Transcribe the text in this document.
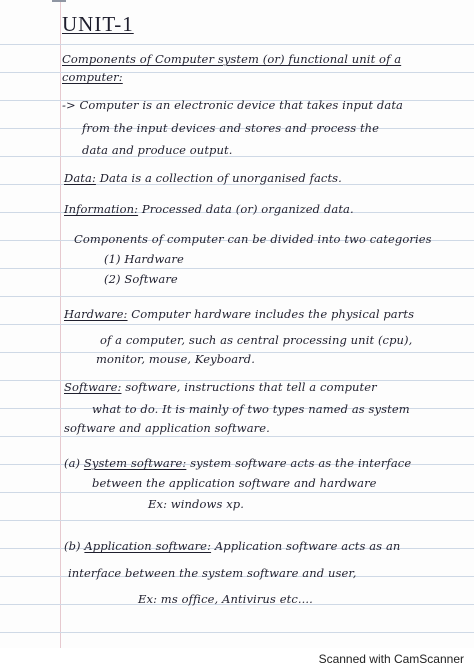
UNIT-1
Components of Computer system (or) functional unit of a
computer:
-> Computer is an electronic device that takes input data
from the input devices and stores and process the
data and produce output.
Data: Data is a collection of unorganised facts.
Information: Processed data (or) organized data.
Components of computer can be divided into two categories
(1) Hardware
(2) Software
Hardware: Computer hardware includes the physical parts
of a computer, such as central processing unit (cpu),
monitor, mouse, Keyboard.
Software: software, instructions that tell a computer
what to do. It is mainly of two types named as system
software and application software.
(a) System software: system software acts as the interface
between the application software and hardware
Ex: windows xp.
(b) Application software: Application software acts as an
interface between the system software and user,
Ex: ms office, Antivirus etc....
Scanned with CamScanner
